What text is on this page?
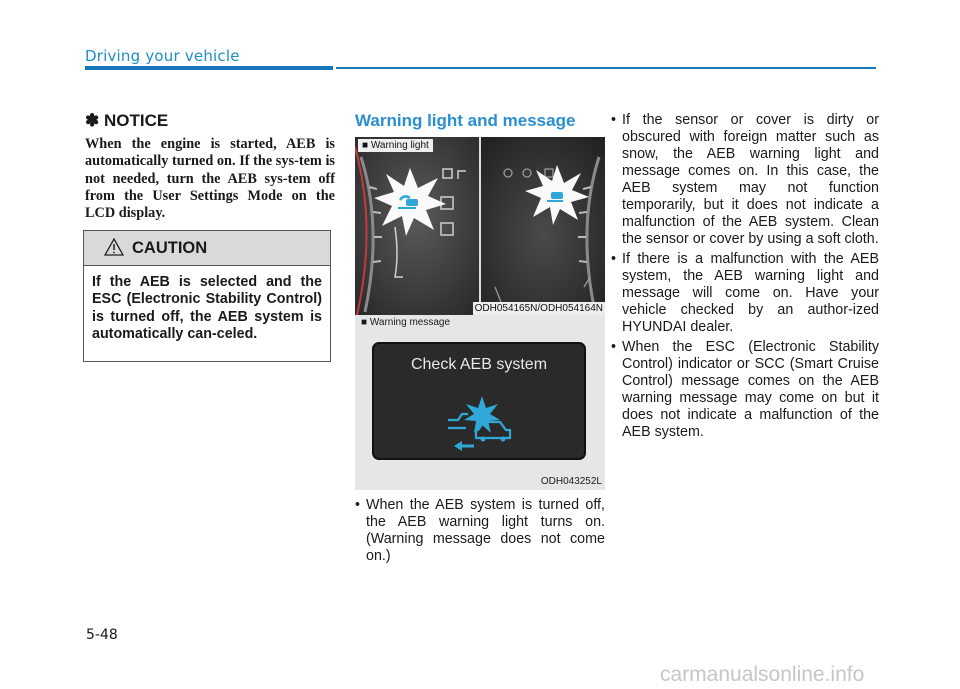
Driving your vehicle
✽ NOTICE
When the engine is started, AEB is automatically turned on. If the sys-tem is not needed, turn the AEB sys-tem off from the User Settings Mode on the LCD display.
CAUTION
If the AEB is selected and the ESC (Electronic Stability Control) is turned off, the AEB system is automatically can-celed.
Warning light and message
■ Warning light
ODH054165N/ODH054164N
■ Warning message
Check AEB system
ODH043252L
• When the AEB system is turned off, the AEB warning light turns on. (Warning message does not come on.)
• If the sensor or cover is dirty or obscured with foreign matter such as snow, the AEB warning light and message comes on. In this case, the AEB system may not function temporarily, but it does not indicate a malfunction of the AEB system. Clean the sensor or cover by using a soft cloth.
• If there is a malfunction with the AEB system, the AEB warning light and message will come on. Have your vehicle checked by an author-ized HYUNDAI dealer.
• When the ESC (Electronic Stability Control) indicator or SCC (Smart Cruise Control) message comes on the AEB warning message may come on but it does not indicate a malfunction of the AEB system.
5-48
carmanualsonline.info
